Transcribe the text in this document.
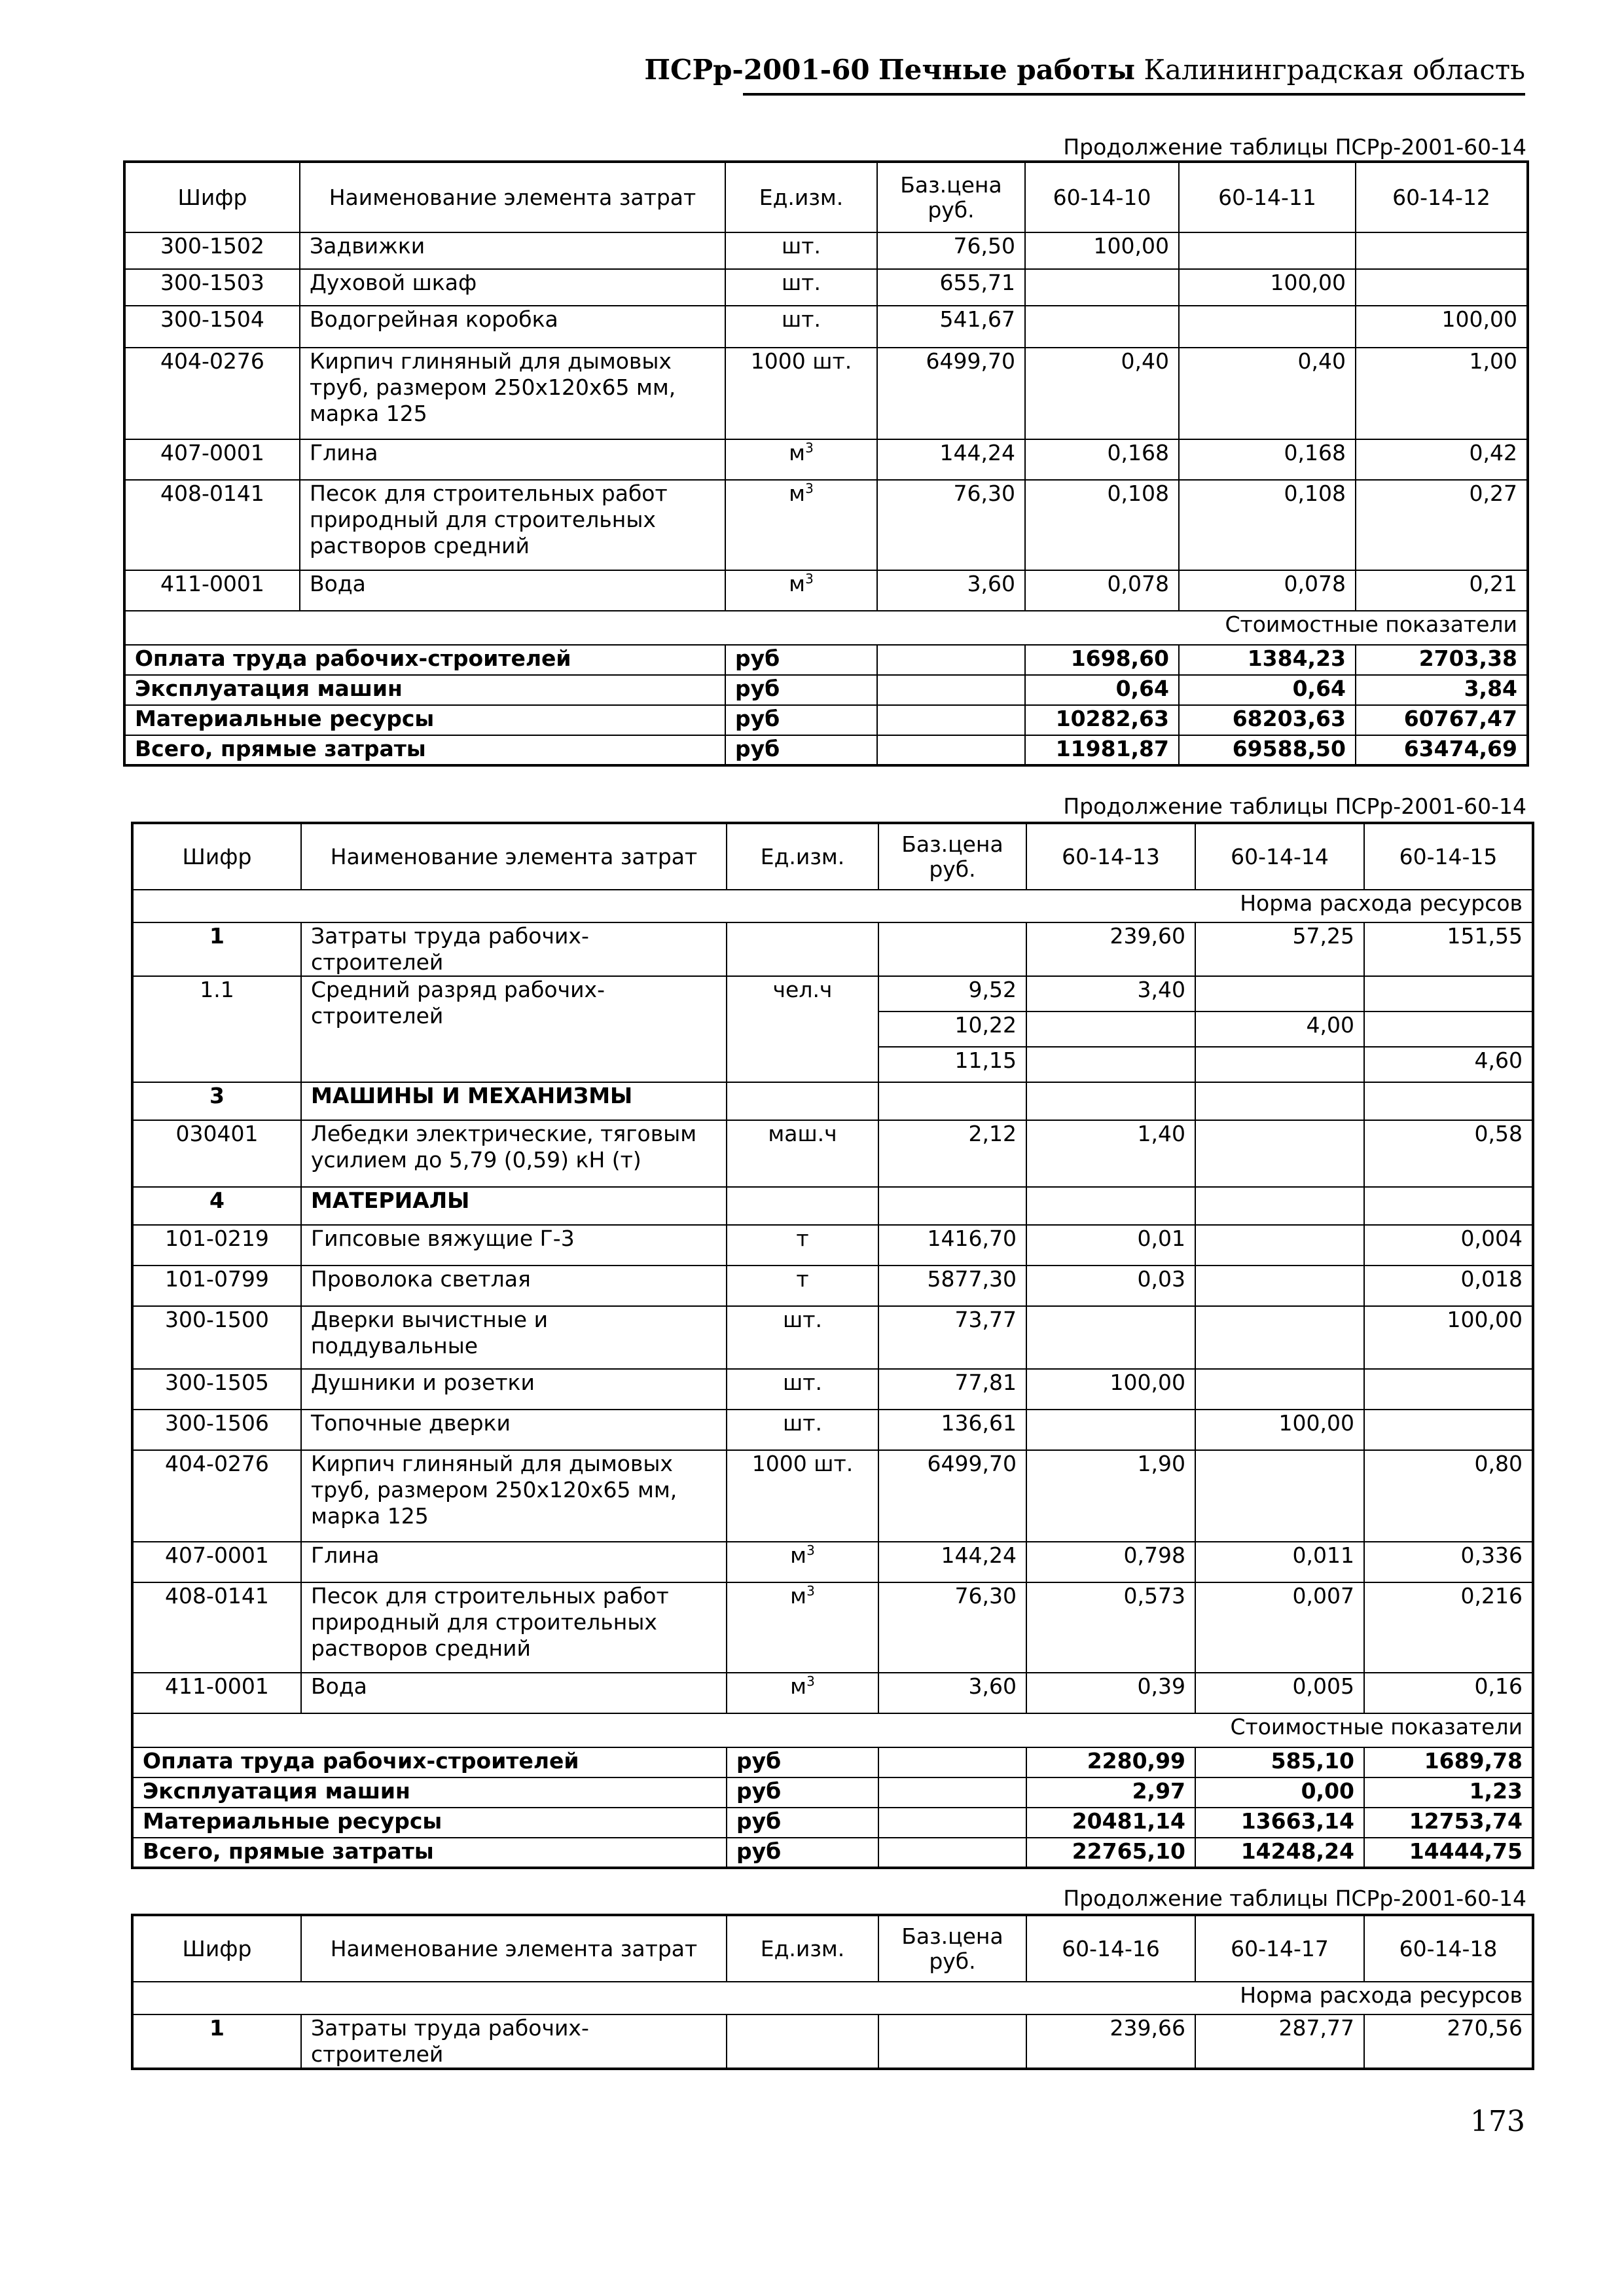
ПСРр-2001-60 Печные работы Калининградская область
Продолжение таблицы ПСРр-2001-60-14
Шифр	Наименование элемента затрат	Ед.изм.	Баз.цена руб.	60-14-10	60-14-11	60-14-12
300-1502	Задвижки	шт.	76,50	100,00		
300-1503	Духовой шкаф	шт.	655,71		100,00	
300-1504	Водогрейная коробка	шт.	541,67			100,00
404-0276	Кирпич глиняный для дымовых труб, размером 250х120х65 мм, марка 125	1000 шт.	6499,70	0,40	0,40	1,00
407-0001	Глина	$м^3$	144,24	0,168	0,168	0,42
408-0141	Песок для строительных работ природный для строительных растворов средний	$м^3$	76,30	0,108	0,108	0,27
411-0001	Вода	$м^3$	3,60	0,078	0,078	0,21
Стоимостные показатели						
Оплата труда рабочих-строителей		руб		1698,60	1384,23	2703,38
Эксплуатация машин		руб		0,64	0,64	3,84
Материальные ресурсы		руб		10282,63	68203,63	60767,47
Всего, прямые затраты		руб		11981,87	69588,50	63474,69
Продолжение таблицы ПСРр-2001-60-14
Шифр	Наименование элемента затрат	Ед.изм.	Баз.цена руб.	60-14-13	60-14-14	60-14-15
Норма расхода ресурсов						
1	Затраты труда рабочих-строителей			239,60	57,25	151,55
1.1	Средний разряд рабочих-строителей	чел.ч	9,52	3,40		
			10,22		4,00	
			11,15			4,60
3	МАШИНЫ И МЕХАНИЗМЫ					
030401	Лебедки электрические, тяговым усилием до 5,79 (0,59) кН (т)	маш.ч	2,12	1,40		0,58
4	МАТЕРИАЛЫ					
101-0219	Гипсовые вяжущие Г-3	т	1416,70	0,01		0,004
101-0799	Проволока светлая	т	5877,30	0,03		0,018
300-1500	Дверки вычистные и поддувальные	шт.	73,77			100,00
300-1505	Душники и розетки	шт.	77,81	100,00		
300-1506	Топочные дверки	шт.	136,61		100,00	
404-0276	Кирпич глиняный для дымовых труб, размером 250х120х65 мм, марка 125	1000 шт.	6499,70	1,90		0,80
407-0001	Глина	$м^3$	144,24	0,798	0,011	0,336
408-0141	Песок для строительных работ природный для строительных растворов средний	$м^3$	76,30	0,573	0,007	0,216
411-0001	Вода	$м^3$	3,60	0,39	0,005	0,16
Стоимостные показатели						
Оплата труда рабочих-строителей		руб		2280,99	585,10	1689,78
Эксплуатация машин		руб		2,97	0,00	1,23
Материальные ресурсы		руб		20481,14	13663,14	12753,74
Всего, прямые затраты		руб		22765,10	14248,24	14444,75
Продолжение таблицы ПСРр-2001-60-14
Шифр	Наименование элемента затрат	Ед.изм.	Баз.цена руб.	60-14-16	60-14-17	60-14-18
Норма расхода ресурсов						
1	Затраты труда рабочих-строителей			239,66	287,77	270,56
173
